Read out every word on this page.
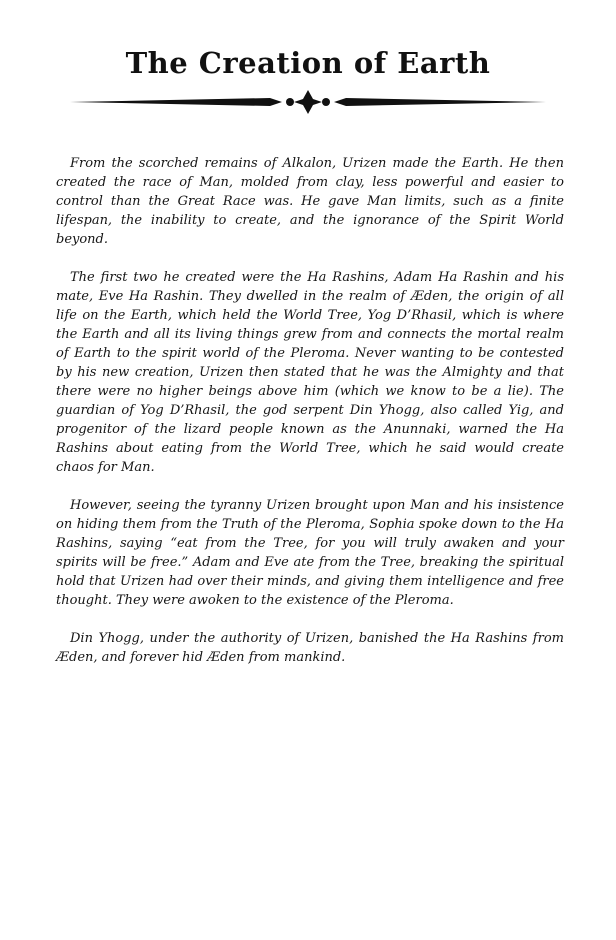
The Creation of Earth

From the scorched remains of Alkalon, Urizen made the Earth. He then created the race of Man, molded from clay, less powerful and easier to control than the Great Race was. He gave Man limits, such as a finite lifespan, the inability to create, and the ignorance of the Spirit World beyond.

The first two he created were the Ha Rashins, Adam Ha Rashin and his mate, Eve Ha Rashin. They dwelled in the realm of Æden, the origin of all life on the Earth, which held the World Tree, Yog D’Rhasil, which is where the Earth and all its living things grew from and connects the mortal realm of Earth to the spirit world of the Pleroma. Never wanting to be contested by his new creation, Urizen then stated that he was the Almighty and that there were no higher beings above him (which we know to be a lie). The guardian of Yog D’Rhasil, the god serpent Din Yhogg, also called Yig, and progenitor of the lizard people known as the Anunnaki, warned the Ha Rashins about eating from the World Tree, which he said would create chaos for Man.

However, seeing the tyranny Urizen brought upon Man and his insistence on hiding them from the Truth of the Pleroma, Sophia spoke down to the Ha Rashins, saying “eat from the Tree, for you will truly awaken and your spirits will be free.” Adam and Eve ate from the Tree, breaking the spiritual hold that Urizen had over their minds, and giving them intelligence and free thought. They were awoken to the existence of the Pleroma.

Din Yhogg, under the authority of Urizen, banished the Ha Rashins from Æden, and forever hid Æden from mankind.
